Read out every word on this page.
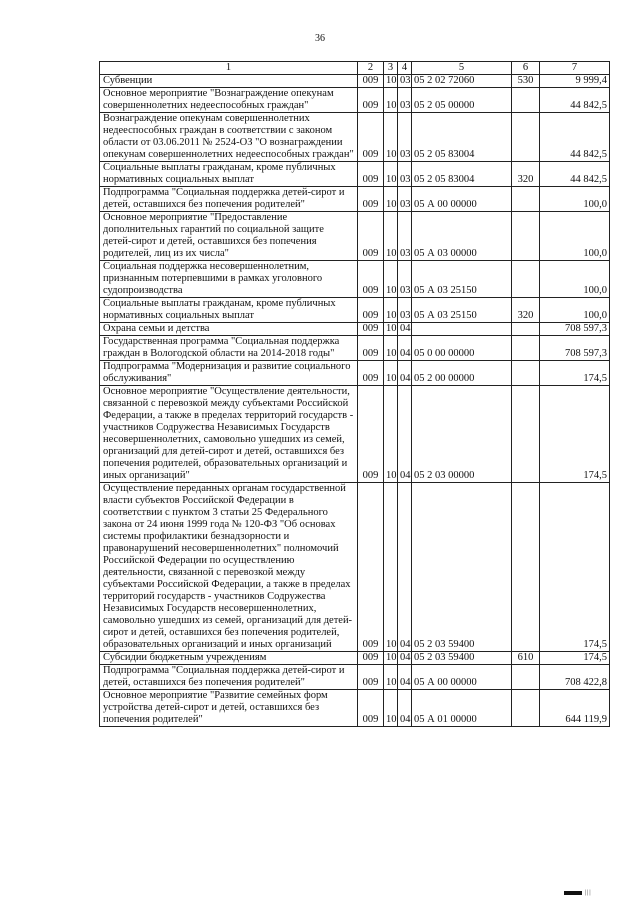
36
1	2	3	4	5	6	7
Субвенции	009	10	03	05 2 02 72060	530	9 999,4
Основное мероприятие "Вознаграждение опекунам совершеннолетних недееспособных граждан"	009	10	03	05 2 05 00000		44 842,5
Вознаграждение опекунам совершеннолетних недееспособных граждан в соответствии с законом области от 03.06.2011 № 2524-ОЗ "О вознаграждении опекунам совершеннолетних недееспособных граждан"	009	10	03	05 2 05 83004		44 842,5
Социальные выплаты гражданам, кроме публичных нормативных социальных выплат	009	10	03	05 2 05 83004	320	44 842,5
Подпрограмма "Социальная поддержка детей-сирот и детей, оставшихся без попечения родителей"	009	10	03	05 А 00 00000		100,0
Основное мероприятие "Предоставление дополнительных гарантий по социальной защите детей-сирот и детей, оставшихся без попечения родителей, лиц из их числа"	009	10	03	05 А 03 00000		100,0
Социальная поддержка несовершеннолетним, признанным потерпевшими в рамках уголовного судопроизводства	009	10	03	05 А 03 25150		100,0
Социальные выплаты гражданам, кроме публичных нормативных социальных выплат	009	10	03	05 А 03 25150	320	100,0
Охрана семьи и детства	009	10	04			708 597,3
Государственная программа "Социальная поддержка граждан в Вологодской области на 2014-2018 годы"	009	10	04	05 0 00 00000		708 597,3
Подпрограмма "Модернизация и развитие социального обслуживания"	009	10	04	05 2 00 00000		174,5
Основное мероприятие "Осуществление деятельности, связанной с перевозкой между субъектами Российской Федерации, а также в пределах территорий государств - участников Содружества Независимых Государств несовершеннолетних, самовольно ушедших из семей, организаций для детей-сирот и детей, оставшихся без попечения родителей, образовательных организаций и иных организаций"	009	10	04	05 2 03 00000		174,5
Осуществление переданных органам государственной власти субъектов Российской Федерации в соответствии с пунктом 3 статьи 25 Федерального закона от 24 июня 1999 года № 120-ФЗ "Об основах системы профилактики безнадзорности и правонарушений несовершеннолетних" полномочий Российской Федерации по осуществлению деятельности, связанной с перевозкой между субъектами Российской Федерации, а также в пределах территорий государств - участников Содружества Независимых Государств несовершеннолетних, самовольно ушедших из семей, организаций для детей-сирот и детей, оставшихся без попечения родителей, образовательных организаций и иных организаций	009	10	04	05 2 03 59400		174,5
Субсидии бюджетным учреждениям	009	10	04	05 2 03 59400	610	174,5
Подпрограмма "Социальная поддержка детей-сирот и детей, оставшихся без попечения родителей"	009	10	04	05 А 00 00000		708 422,8
Основное мероприятие "Развитие семейных форм устройства детей-сирот и детей, оставшихся без попечения родителей"	009	10	04	05 А 01 00000		644 119,9
|||
